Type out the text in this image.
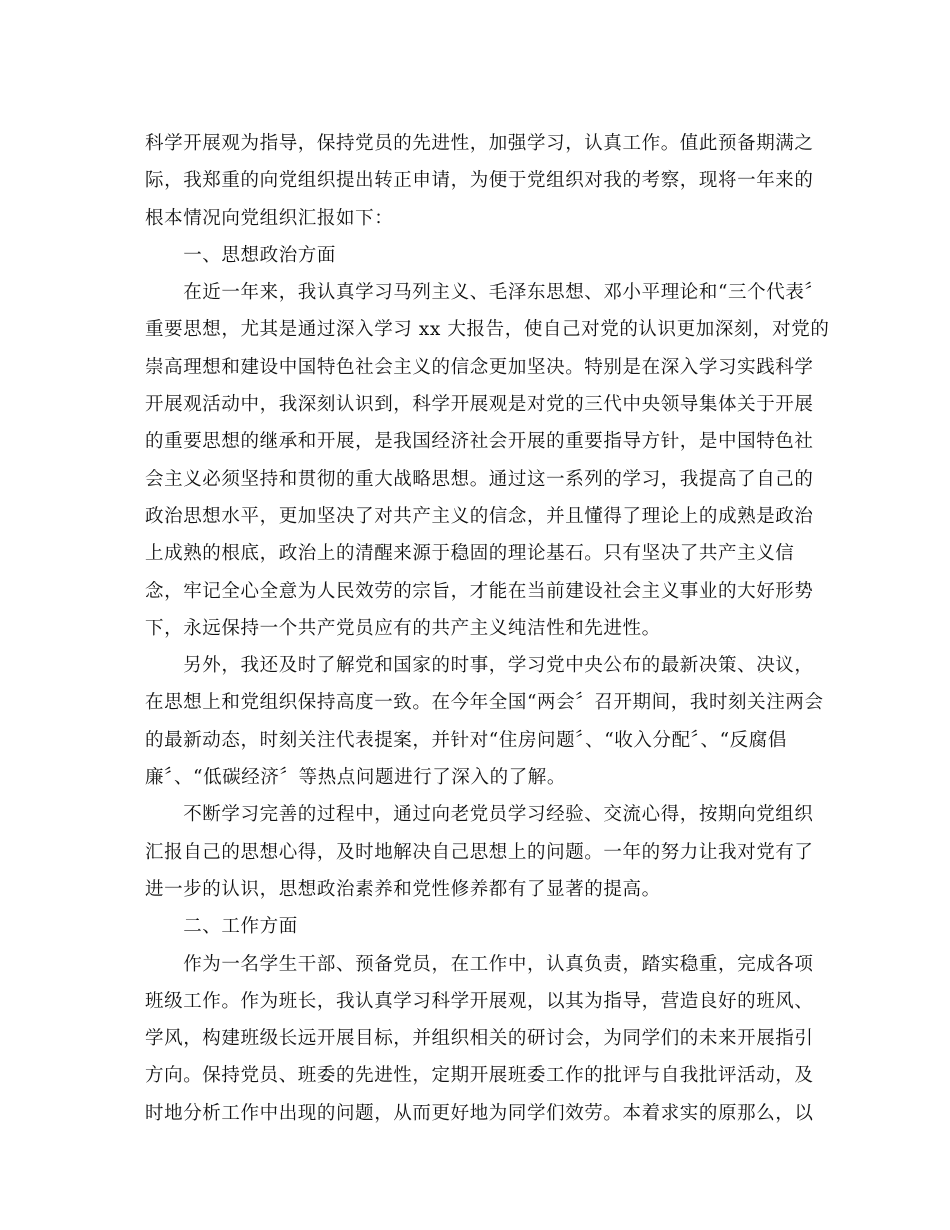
科学开展观为指导，保持党员的先进性，加强学习，认真工作。值此预备期满之
际，我郑重的向党组织提出转正申请，为便于党组织对我的考察，现将一年来的
根本情况向党组织汇报如下：
　　一、思想政治方面
　　在近一年来，我认真学习马列主义、毛泽东思想、邓小平理论和“三个代表〞
重要思想，尤其是通过深入学习 xx 大报告，使自己对党的认识更加深刻，对党的
崇高理想和建设中国特色社会主义的信念更加坚决。特别是在深入学习实践科学
开展观活动中，我深刻认识到，科学开展观是对党的三代中央领导集体关于开展
的重要思想的继承和开展，是我国经济社会开展的重要指导方针，是中国特色社
会主义必须坚持和贯彻的重大战略思想。通过这一系列的学习，我提高了自己的
政治思想水平，更加坚决了对共产主义的信念，并且懂得了理论上的成熟是政治
上成熟的根底，政治上的清醒来源于稳固的理论基石。只有坚决了共产主义信
念，牢记全心全意为人民效劳的宗旨，才能在当前建设社会主义事业的大好形势
下，永远保持一个共产党员应有的共产主义纯洁性和先进性。
　　另外，我还及时了解党和国家的时事，学习党中央公布的最新决策、决议，
在思想上和党组织保持高度一致。在今年全国“两会〞召开期间，我时刻关注两会
的最新动态，时刻关注代表提案，并针对“住房问题〞、“收入分配〞、“反腐倡
廉〞、“低碳经济〞等热点问题进行了深入的了解。
　　不断学习完善的过程中，通过向老党员学习经验、交流心得，按期向党组织
汇报自己的思想心得，及时地解决自己思想上的问题。一年的努力让我对党有了
进一步的认识，思想政治素养和党性修养都有了显著的提高。
　　二、工作方面
　　作为一名学生干部、预备党员，在工作中，认真负责，踏实稳重，完成各项
班级工作。作为班长，我认真学习科学开展观，以其为指导，营造良好的班风、
学风，构建班级长远开展目标，并组织相关的研讨会，为同学们的未来开展指引
方向。保持党员、班委的先进性，定期开展班委工作的批评与自我批评活动，及
时地分析工作中出现的问题，从而更好地为同学们效劳。本着求实的原那么，以
